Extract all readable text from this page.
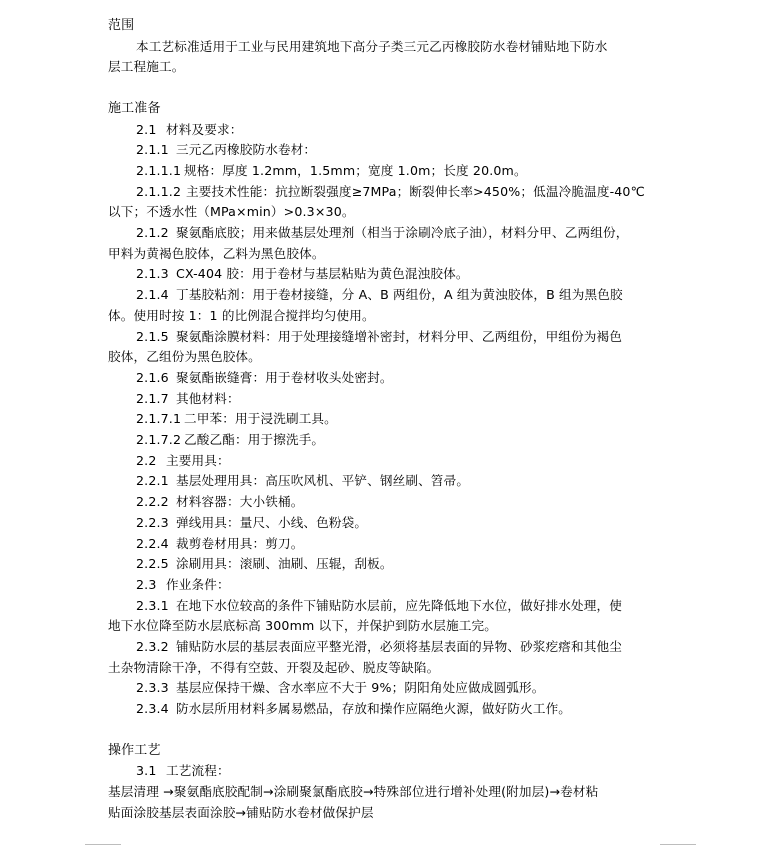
范围
本工艺标准适用于工业与民用建筑地下高分子类三元乙丙橡胶防水卷材铺贴地下防水
层工程施工。
施工准备
2.1 材料及要求：
2.1.1 三元乙丙橡胶防水卷材：
2.1.1.1 规格：厚度 1.2mm，1.5mm；宽度 1.0m；长度 20.0m。
2.1.1.2 主要技术性能：抗拉断裂强度≥7MPa；断裂伸长率>450%；低温冷脆温度-40℃
以下；不透水性（MPa×min）>0.3×30。
2.1.2 聚氨酯底胶；用来做基层处理剂（相当于涂刷冷底子油），材料分甲、乙两组份，
甲料为黄褐色胶体，乙料为黑色胶体。
2.1.3 CX-404 胶：用于卷材与基层粘贴为黄色混浊胶体。
2.1.4 丁基胶粘剂：用于卷材接缝，分 A、B 两组份，A 组为黄浊胶体，B 组为黑色胶
体。使用时按 1：1 的比例混合搅拌均匀使用。
2.1.5 聚氨酯涂膜材料：用于处理接缝增补密封，材料分甲、乙两组份，甲组份为褐色
胶体，乙组份为黑色胶体。
2.1.6 聚氨酯嵌缝膏：用于卷材收头处密封。
2.1.7 其他材料：
2.1.7.1 二甲苯：用于浸洗刷工具。
2.1.7.2 乙酸乙酯：用于擦洗手。
2.2 主要用具：
2.2.1 基层处理用具：高压吹风机、平铲、钢丝刷、笤帚。
2.2.2 材料容器：大小铁桶。
2.2.3 弹线用具：量尺、小线、色粉袋。
2.2.4 裁剪卷材用具：剪刀。
2.2.5 涂刷用具：滚刷、油刷、压辊，刮板。
2.3 作业条件：
2.3.1 在地下水位较高的条件下铺贴防水层前，应先降低地下水位，做好排水处理，使
地下水位降至防水层底标高 300mm 以下，并保护到防水层施工完。
2.3.2 铺贴防水层的基层表面应平整光滑，必须将基层表面的异物、砂浆疙瘩和其他尘
土杂物清除干净，不得有空鼓、开裂及起砂、脱皮等缺陷。
2.3.3 基层应保持干燥、含水率应不大于 9%；阴阳角处应做成圆弧形。
2.3.4 防水层所用材料多属易燃品，存放和操作应隔绝火源，做好防火工作。
操作工艺
3.1 工艺流程：
基层清理 →聚氨酯底胶配制→涂刷聚氯酯底胶→特殊部位进行增补处理(附加层)→卷材粘
贴面涂胶基层表面涂胶→铺贴防水卷材做保护层
